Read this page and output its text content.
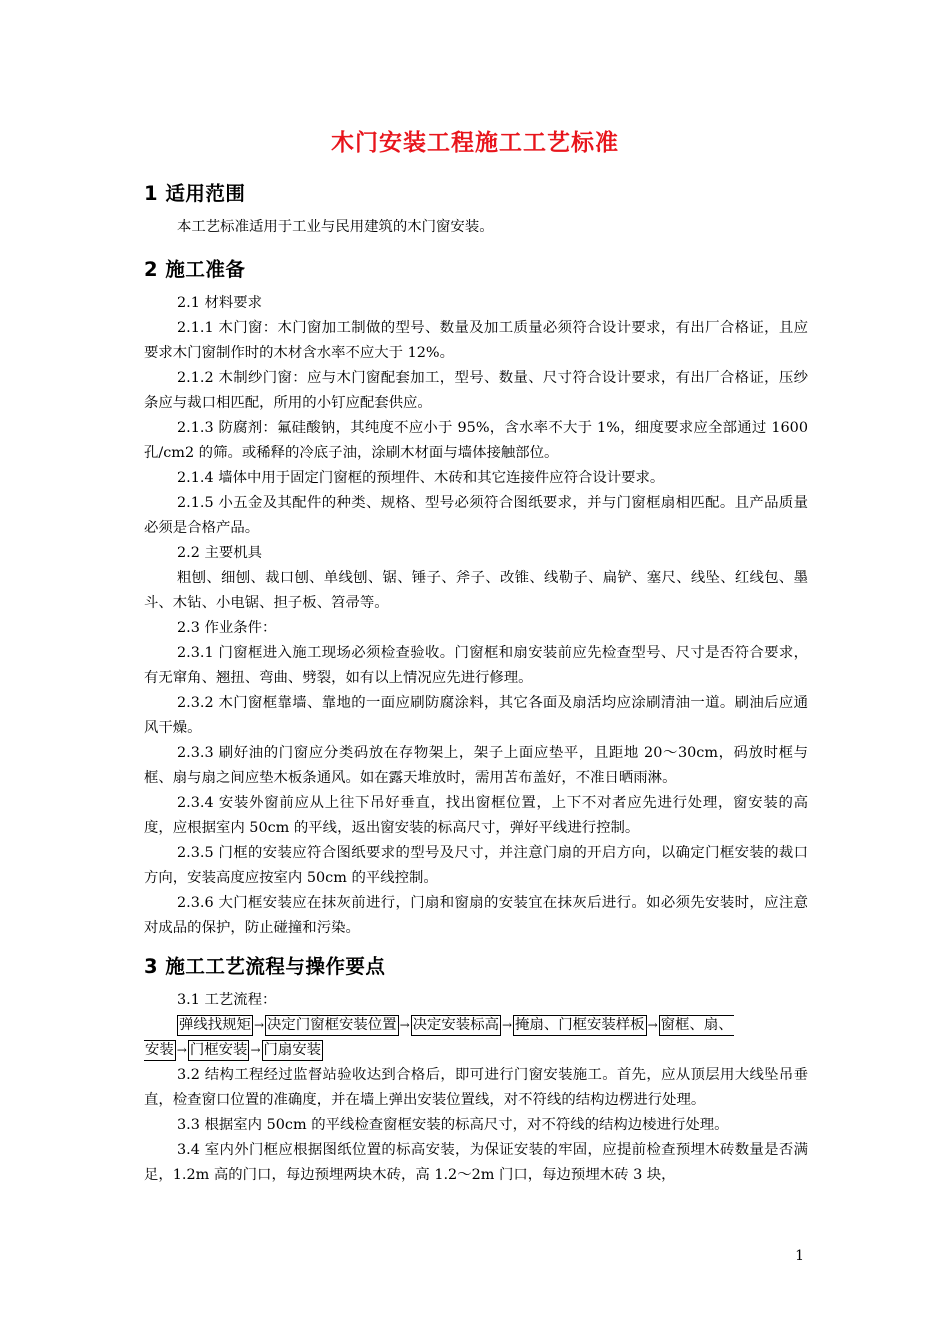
木门安装工程施工工艺标准
1 适用范围

本工艺标准适用于工业与民用建筑的木门窗安装。

2 施工准备

2.1 材料要求

2.1.1 木门窗：木门窗加工制做的型号、数量及加工质量必须符合设计要求，有出厂合格证，且应要求木门窗制作时的木材含水率不应大于 12%。

2.1.2 木制纱门窗：应与木门窗配套加工，型号、数量、尺寸符合设计要求，有出厂合格证，压纱条应与裁口相匹配，所用的小钉应配套供应。

2.1.3 防腐剂：氟硅酸钠，其纯度不应小于 95%，含水率不大于 1%，细度要求应全部通过 1600 孔/cm2 的筛。或稀释的冷底子油，涂刷木材面与墙体接触部位。

2.1.4 墙体中用于固定门窗框的预埋件、木砖和其它连接件应符合设计要求。

2.1.5 小五金及其配件的种类、规格、型号必须符合图纸要求，并与门窗框扇相匹配。且产品质量必须是合格产品。

2.2 主要机具

粗刨、细刨、裁口刨、单线刨、锯、锤子、斧子、改锥、线勒子、扁铲、塞尺、线坠、红线包、墨斗、木钻、小电锯、担子板、笤帚等。

2.3 作业条件：

2.3.1 门窗框进入施工现场必须检查验收。门窗框和扇安装前应先检查型号、尺寸是否符合要求，有无窜角、翘扭、弯曲、劈裂，如有以上情况应先进行修理。

2.3.2 木门窗框靠墙、靠地的一面应刷防腐涂料，其它各面及扇活均应涂刷清油一道。刷油后应通风干燥。

2.3.3 刷好油的门窗应分类码放在存物架上，架子上面应垫平，且距地 20～30cm，码放时框与框、扇与扇之间应垫木板条通风。如在露天堆放时，需用苫布盖好，不准日晒雨淋。

2.3.4 安装外窗前应从上往下吊好垂直，找出窗框位置，上下不对者应先进行处理，窗安装的高度，应根据室内 50cm 的平线，返出窗安装的标高尺寸，弹好平线进行控制。

2.3.5 门框的安装应符合图纸要求的型号及尺寸，并注意门扇的开启方向，以确定门框安装的裁口方向，安装高度应按室内 50cm 的平线控制。

2.3.6 大门框安装应在抹灰前进行，门扇和窗扇的安装宜在抹灰后进行。如必须先安装时，应注意对成品的保护，防止碰撞和污染。

3 施工工艺流程与操作要点
3.1 工艺流程：
弹线找规矩 → 决定门窗框安装位置 → 决定安装标高 → 掩扇、门框安装样板 → 窗框、扇、
安装 → 门框安装 → 门扇安装

3.2 结构工程经过监督站验收达到合格后，即可进行门窗安装施工。首先，应从顶层用大线坠吊垂直，检查窗口位置的准确度，并在墙上弹出安装位置线，对不符线的结构边楞进行处理。

3.3 根据室内 50cm 的平线检查窗框安装的标高尺寸，对不符线的结构边棱进行处理。

3.4 室内外门框应根据图纸位置的标高安装，为保证安装的牢固，应提前检查预埋木砖数量是否满足，1.2m 高的门口，每边预埋两块木砖，高 1.2～2m 门口，每边预埋木砖 3 块，

1
